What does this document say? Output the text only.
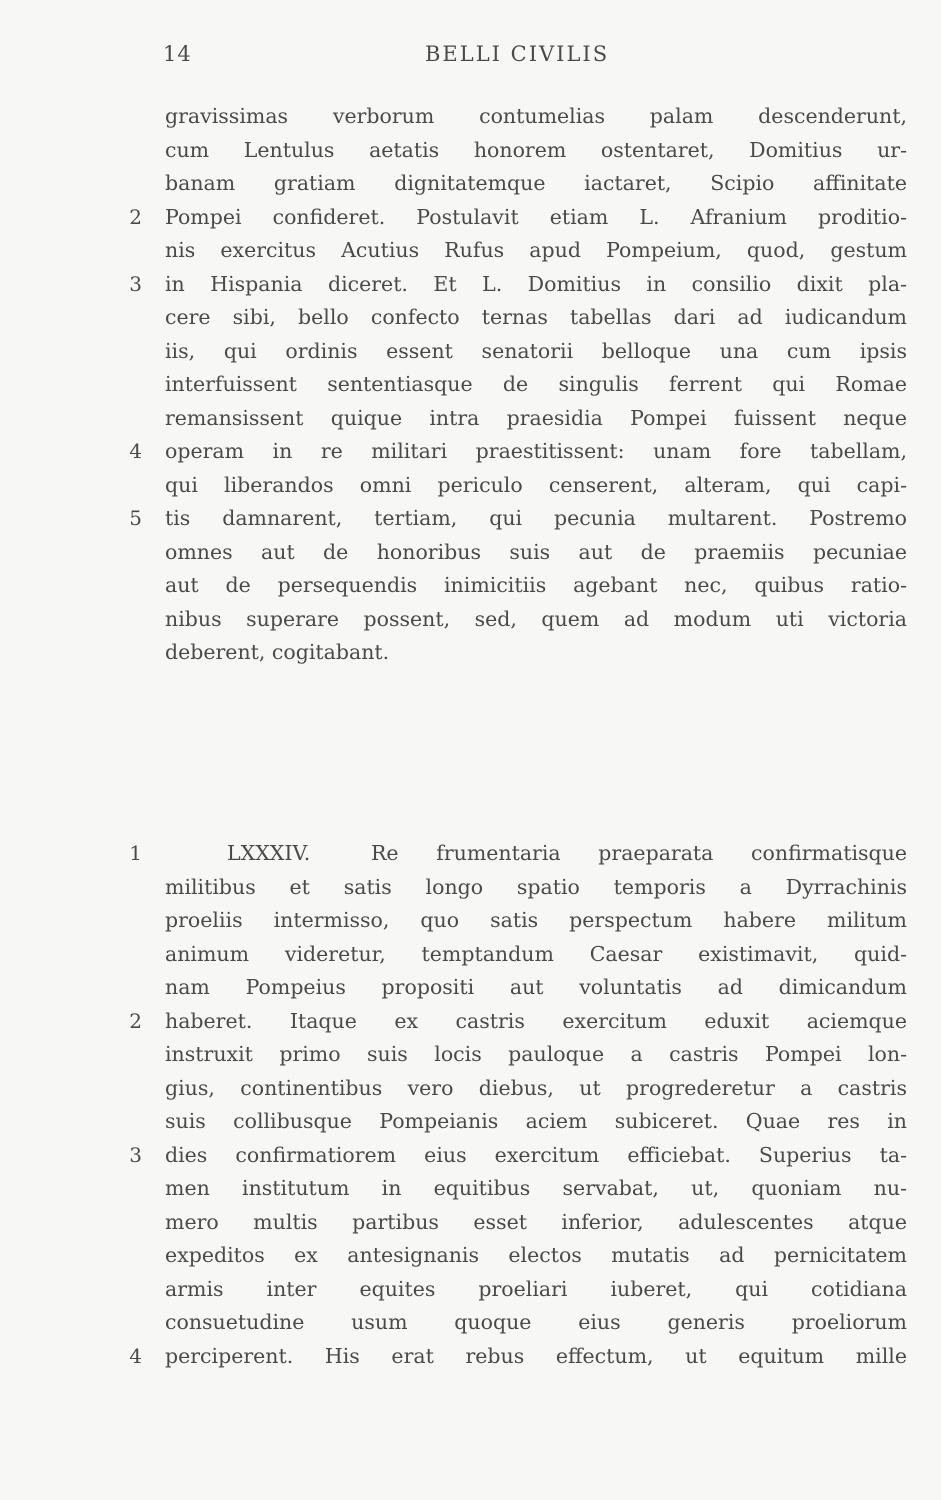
14	BELLI CIVILIS
gravissimas verborum contumelias palam descenderunt,
cum Lentulus aetatis honorem ostentaret, Domitius ur-
banam gratiam dignitatemque iactaret, Scipio affinitate
2 Pompei confideret. Postulavit etiam L. Afranium proditio-
nis exercitus Acutius Rufus apud Pompeium, quod, gestum
3 in Hispania diceret. Et L. Domitius in consilio dixit pla-
cere sibi, bello confecto ternas tabellas dari ad iudicandum
iis, qui ordinis essent senatorii belloque una cum ipsis
interfuissent sententiasque de singulis ferrent qui Romae
remansissent quique intra praesidia Pompei fuissent neque
4 operam in re militari praestitissent: unam fore tabellam,
qui liberandos omni periculo censerent, alteram, qui capi-
5 tis damnarent, tertiam, qui pecunia multarent. Postremo
omnes aut de honoribus suis aut de praemiis pecuniae
aut de persequendis inimicitiis agebant nec, quibus ratio-
nibus superare possent, sed, quem ad modum uti victoria
deberent, cogitabant.
1	LXXXIV.	Re frumentaria praeparata confirmatisque
militibus et satis longo spatio temporis a Dyrrachinis
proeliis intermisso, quo satis perspectum habere militum
animum videretur, temptandum Caesar existimavit, quid-
nam Pompeius propositi aut voluntatis ad dimicandum
2 haberet. Itaque ex castris exercitum eduxit aciemque
instruxit primo suis locis pauloque a castris Pompei lon-
gius, continentibus vero diebus, ut progrederetur a castris
suis collibusque Pompeianis aciem subiceret. Quae res in
3 dies confirmatiorem eius exercitum efficiebat. Superius ta-
men institutum in equitibus servabat, ut, quoniam nu-
mero multis partibus esset inferior, adulescentes atque
expeditos ex antesignanis electos mutatis ad pernicitatem
armis inter equites proeliari iuberet, qui cotidiana
consuetudine usum quoque eius generis proeliorum
4 perciperent. His erat rebus effectum, ut equitum mille
